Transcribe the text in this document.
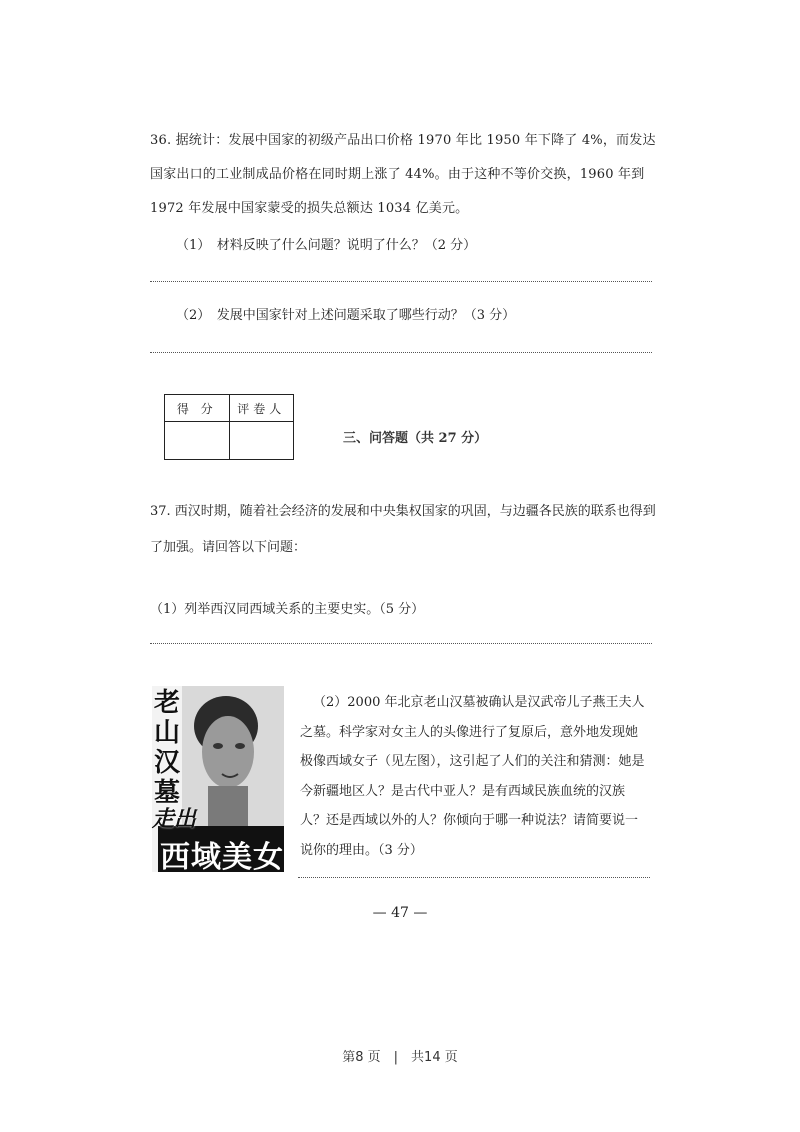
36. 据统计：发展中国家的初级产品出口价格 1970 年比 1950 年下降了 4%，而发达国家出口的工业制成品价格在同时期上涨了 44%。由于这种不等价交换，1960 年到 1972 年发展中国家蒙受的损失总额达 1034 亿美元。
（1）　材料反映了什么问题？说明了什么？（2 分）
（2）　发展中国家针对上述问题采取了哪些行动？（3 分）
得 分	评卷人

三、问答题（共 27 分）
37. 西汉时期，随着社会经济的发展和中央集权国家的巩固，与边疆各民族的联系也得到了加强。请回答以下问题：
（1）列举西汉同西域关系的主要史实。（5 分）
老
山
汉
墓
走出
西域美女
（2）2000 年北京老山汉墓被确认是汉武帝儿子燕王夫人之墓。科学家对女主人的头像进行了复原后，意外地发现她极像西域女子（见左图），这引起了人们的关注和猜测：她是今新疆地区人？是古代中亚人？是有西域民族血统的汉族人？还是西域以外的人？你倾向于哪一种说法？请简要说一说你的理由。（3 分）
— 47 —
第8 页　|　共14 页
